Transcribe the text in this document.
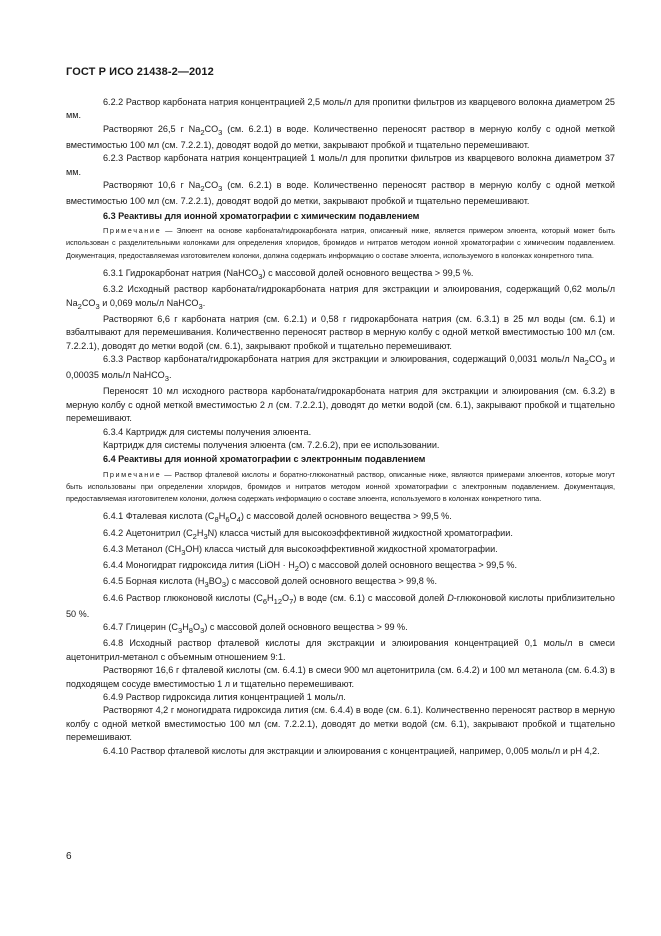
ГОСТ Р ИСО 21438-2—2012

6.2.2 Раствор карбоната натрия концентрацией 2,5 моль/л для пропитки фильтров из кварцевого волокна диаметром 25 мм.

Растворяют 26,5 г $Na_2CO_3$ (см. 6.2.1) в воде. Количественно переносят раствор в мерную колбу с одной меткой вместимостью 100 мл (см. 7.2.2.1), доводят водой до метки, закрывают пробкой и тщательно перемешивают.

6.2.3 Раствор карбоната натрия концентрацией 1 моль/л для пропитки фильтров из кварцевого волокна диаметром 37 мм.

Растворяют 10,6 г $Na_2CO_3$ (см. 6.2.1) в воде. Количественно переносят раствор в мерную колбу с одной меткой вместимостью 100 мл (см. 7.2.2.1), доводят водой до метки, закрывают пробкой и тщательно перемешивают.

6.3 Реактивы для ионной хроматографии с химическим подавлением

Примечание — Элюент на основе карбоната/гидрокарбоната натрия, описанный ниже, является примером элюента, который может быть использован с разделительными колонками для определения хлоридов, бромидов и нитратов методом ионной хроматографии с химическим подавлением. Документация, предоставляемая изготовителем колонки, должна содержать информацию о составе элюента, используемого в колонках конкретного типа.

6.3.1 Гидрокарбонат натрия (NaHCO$_3$) с массовой долей основного вещества > 99,5 %.

6.3.2 Исходный раствор карбоната/гидрокарбоната натрия для экстракции и элюирования, содержащий 0,62 моль/л $Na_2CO_3$ и 0,069 моль/л NaHCO$_3$.

Растворяют 6,6 г карбоната натрия (см. 6.2.1) и 0,58 г гидрокарбоната натрия (см. 6.3.1) в 25 мл воды (см. 6.1) и взбалтывают для перемешивания. Количественно переносят раствор в мерную колбу с одной меткой вместимостью 100 мл (см. 7.2.2.1), доводят до метки водой (см. 6.1), закрывают пробкой и тщательно перемешивают.

6.3.3 Раствор карбоната/гидрокарбоната натрия для экстракции и элюирования, содержащий 0,0031 моль/л $Na_2CO_3$ и 0,00035 моль/л NaHCO$_3$.

Переносят 10 мл исходного раствора карбоната/гидрокарбоната натрия для экстракции и элюирования (см. 6.3.2) в мерную колбу с одной меткой вместимостью 2 л (см. 7.2.2.1), доводят до метки водой (см. 6.1), закрывают пробкой и тщательно перемешивают.

6.3.4 Картридж для системы получения элюента.

Картридж для системы получения элюента (см. 7.2.6.2), при ее использовании.

6.4 Реактивы для ионной хроматографии с электронным подавлением

Примечание — Раствор фталевой кислоты и боратно-глюконатный раствор, описанные ниже, являются примерами элюентов, которые могут быть использованы при определении хлоридов, бромидов и нитратов методом ионной хроматографии с электронным подавлением. Документация, предоставляемая изготовителем колонки, должна содержать информацию о составе элюента, используемого в колонках конкретного типа.

6.4.1 Фталевая кислота $(C_8H_6O_4)$ с массовой долей основного вещества > 99,5 %.

6.4.2 Ацетонитрил $(C_2H_3N)$ класса чистый для высокоэффективной жидкостной хроматографии.

6.4.3 Метанол $(CH_3OH)$ класса чистый для высокоэффективной жидкостной хроматографии.

6.4.4 Моногидрат гидроксида лития (LiOH · $H_2O$) с массовой долей основного вещества > 99,5 %.

6.4.5 Борная кислота $(H_3BO_3)$ с массовой долей основного вещества > 99,8 %.

6.4.6 Раствор глюконовой кислоты $(C_6H_{12}O_7)$ в воде (см. 6.1) с массовой долей D-глюконовой кислоты приблизительно 50 %.

6.4.7 Глицерин $(C_3H_8O_3)$ с массовой долей основного вещества > 99 %.

6.4.8 Исходный раствор фталевой кислоты для экстракции и элюирования концентрацией 0,1 моль/л в смеси ацетонитрил-метанол с объемным отношением 9:1.

Растворяют 16,6 г фталевой кислоты (см. 6.4.1) в смеси 900 мл ацетонитрила (см. 6.4.2) и 100 мл метанола (см. 6.4.3) в подходящем сосуде вместимостью 1 л и тщательно перемешивают.

6.4.9 Раствор гидроксида лития концентрацией 1 моль/л.

Растворяют 4,2 г моногидрата гидроксида лития (см. 6.4.4) в воде (см. 6.1). Количественно переносят раствор в мерную колбу с одной меткой вместимостью 100 мл (см. 7.2.2.1), доводят до метки водой (см. 6.1), закрывают пробкой и тщательно перемешивают.

6.4.10 Раствор фталевой кислоты для экстракции и элюирования с концентрацией, например, 0,005 моль/л и pH 4,2.

6
